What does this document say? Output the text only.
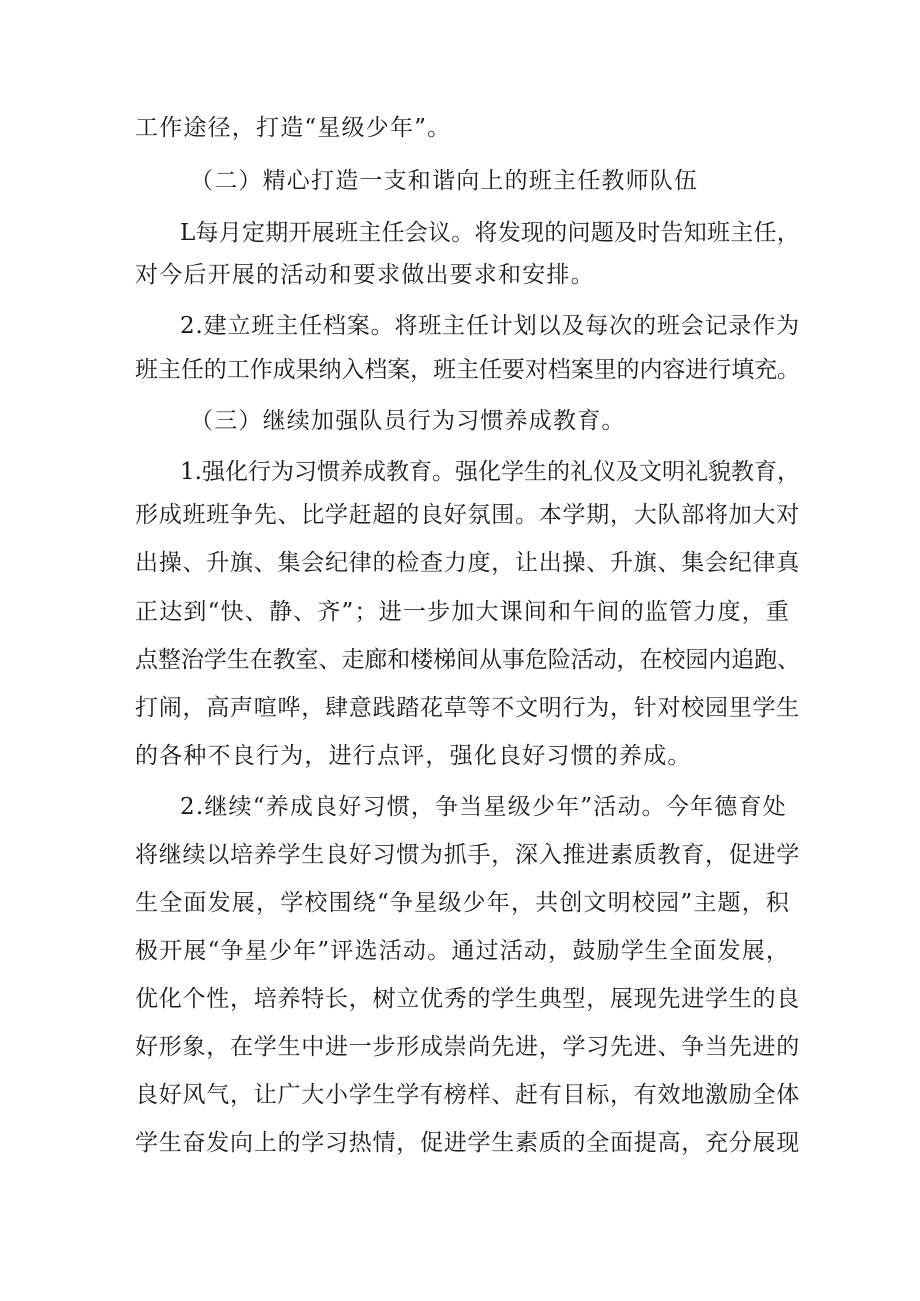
工作途径，打造“星级少年”。
（二）精心打造一支和谐向上的班主任教师队伍
L每月定期开展班主任会议。将发现的问题及时告知班主任，
对今后开展的活动和要求做出要求和安排。
2.建立班主任档案。将班主任计划以及每次的班会记录作为
班主任的工作成果纳入档案，班主任要对档案里的内容进行填充。
（三）继续加强队员行为习惯养成教育。
1.强化行为习惯养成教育。强化学生的礼仪及文明礼貌教育，
形成班班争先、比学赶超的良好氛围。本学期，大队部将加大对
出操、升旗、集会纪律的检查力度，让出操、升旗、集会纪律真
正达到“快、静、齐”；进一步加大课间和午间的监管力度，重
点整治学生在教室、走廊和楼梯间从事危险活动，在校园内追跑、
打闹，高声喧哗，肆意践踏花草等不文明行为，针对校园里学生
的各种不良行为，进行点评，强化良好习惯的养成。
2.继续“养成良好习惯，争当星级少年”活动。今年德育处
将继续以培养学生良好习惯为抓手，深入推进素质教育，促进学
生全面发展，学校围绕“争星级少年，共创文明校园”主题，积
极开展“争星少年”评选活动。通过活动，鼓励学生全面发展，
优化个性，培养特长，树立优秀的学生典型，展现先进学生的良
好形象，在学生中进一步形成崇尚先进，学习先进、争当先进的
良好风气，让广大小学生学有榜样、赶有目标，有效地激励全体
学生奋发向上的学习热情，促进学生素质的全面提高，充分展现
